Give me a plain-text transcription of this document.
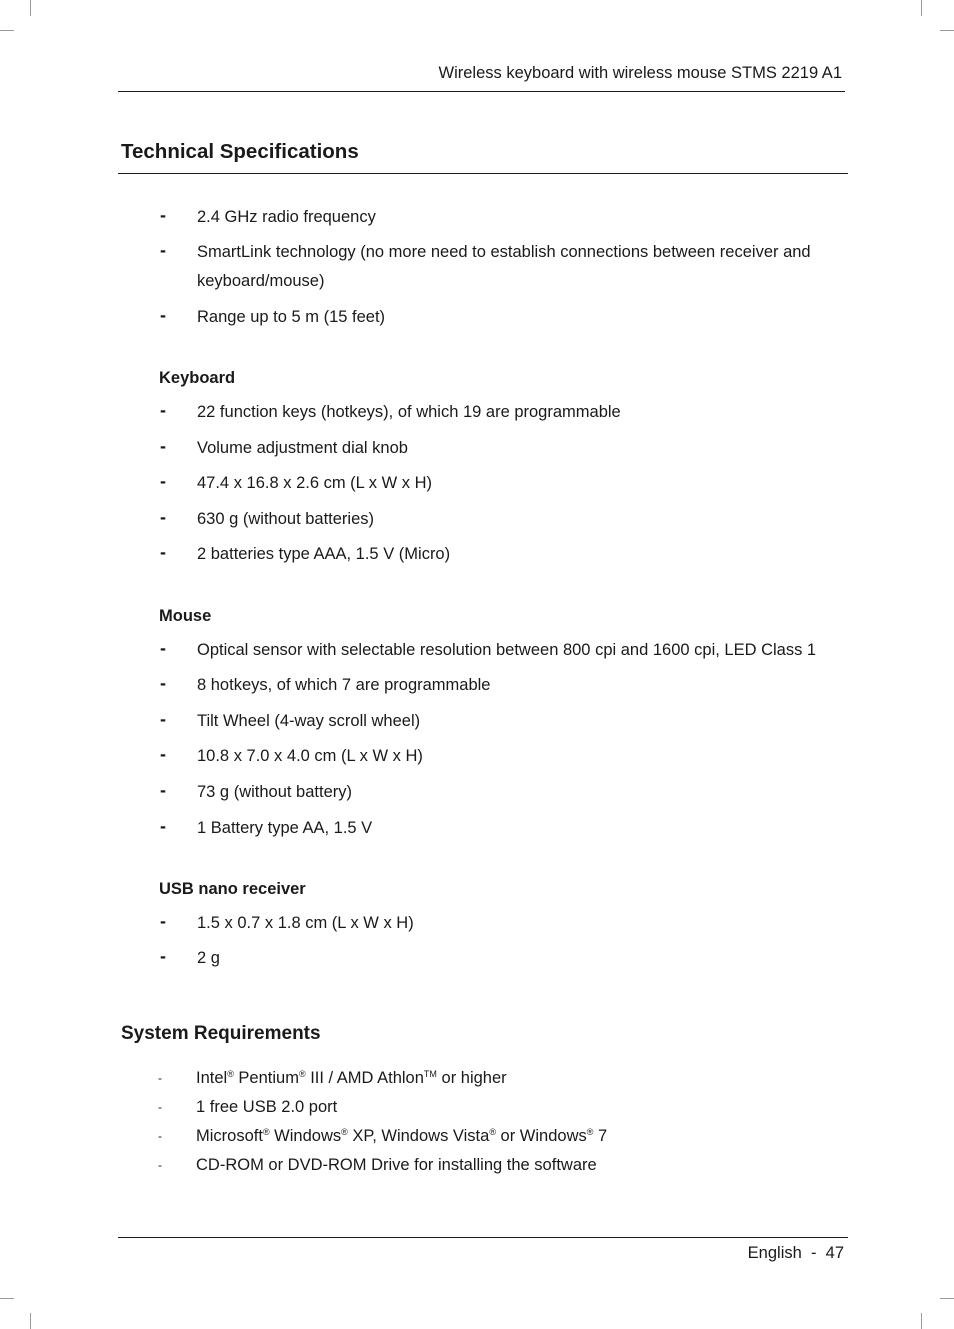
Wireless keyboard with wireless mouse STMS 2219 A1
Technical Specifications
- 2.4 GHz radio frequency
- SmartLink technology (no more need to establish connections between receiver and keyboard/mouse)
- Range up to 5 m (15 feet)
Keyboard
- 22 function keys (hotkeys), of which 19 are programmable
- Volume adjustment dial knob
- 47.4 x 16.8 x 2.6 cm (L x W x H)
- 630 g (without batteries)
- 2 batteries type AAA, 1.5 V (Micro)
Mouse
- Optical sensor with selectable resolution between 800 cpi and 1600 cpi, LED Class 1
- 8 hotkeys, of which 7 are programmable
- Tilt Wheel (4-way scroll wheel)
- 10.8 x 7.0 x 4.0 cm (L x W x H)
- 73 g (without battery)
- 1 Battery type AA, 1.5 V
USB nano receiver
- 1.5 x 0.7 x 1.8 cm (L x W x H)
- 2 g
System Requirements
- Intel® Pentium® III / AMD Athlon™ or higher
- 1 free USB 2.0 port
- Microsoft® Windows® XP, Windows Vista® or Windows® 7
- CD-ROM or DVD-ROM Drive for installing the software
English - 47
